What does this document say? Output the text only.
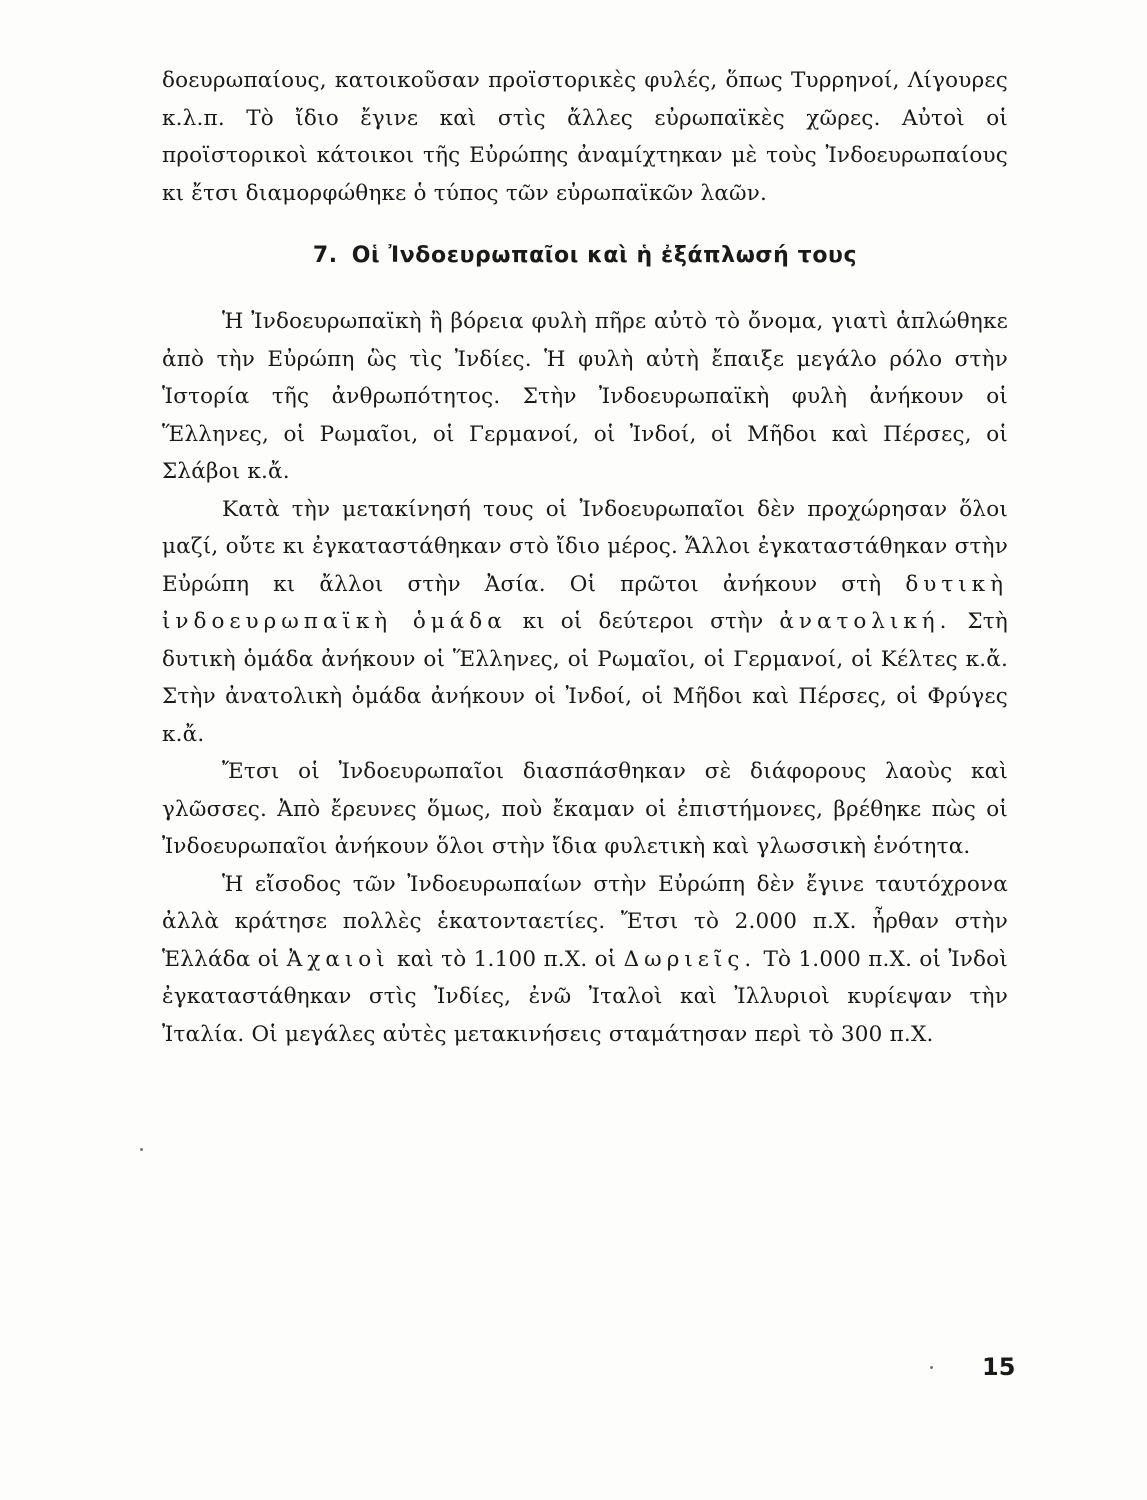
δοευρωπαίους, κατοικοῦσαν προϊστορικὲς φυλές, ὅπως Τυρρηνοί, Λίγουρες κ.λ.π. Τὸ ἴδιο ἔγινε καὶ στὶς ἄλλες εὐρωπαϊκὲς χῶρες. Αὐτοὶ οἱ προϊστορικοὶ κάτοικοι τῆς Εὐρώπης ἀναμίχτηκαν μὲ τοὺς Ἰνδοευρωπαίους κι ἔτσι διαμορφώθηκε ὁ τύπος τῶν εὐρωπαϊκῶν λαῶν.

7. Οἱ Ἰνδοευρωπαῖοι καὶ ἡ ἐξάπλωσή τους

Ἡ Ἰνδοευρωπαϊκὴ ἢ βόρεια φυλὴ πῆρε αὐτὸ τὸ ὄνομα, γιατὶ ἁπλώθηκε ἀπὸ τὴν Εὐρώπη ὣς τὶς Ἰνδίες. Ἡ φυλὴ αὐτὴ ἔπαιξε μεγάλο ρόλο στὴν Ἱστορία τῆς ἀνθρωπότητος. Στὴν Ἰνδοευρωπαϊκὴ φυλὴ ἀνήκουν οἱ Ἕλληνες, οἱ Ρωμαῖοι, οἱ Γερμανοί, οἱ Ἰνδοί, οἱ Μῆδοι καὶ Πέρσες, οἱ Σλάβοι κ.ἄ.

Κατὰ τὴν μετακίνησή τους οἱ Ἰνδοευρωπαῖοι δὲν προχώρησαν ὅλοι μαζί, οὔτε κι ἐγκαταστάθηκαν στὸ ἴδιο μέρος. Ἄλλοι ἐγκαταστάθηκαν στὴν Εὐρώπη κι ἄλλοι στὴν Ἀσία. Οἱ πρῶτοι ἀνήκουν στὴ δυτικὴ ἰνδοευρωπαϊκὴ ὁμάδα κι οἱ δεύτεροι στὴν ἀνατολική. Στὴ δυτικὴ ὁμάδα ἀνήκουν οἱ Ἕλληνες, οἱ Ρωμαῖοι, οἱ Γερμανοί, οἱ Κέλτες κ.ἄ. Στὴν ἀνατολικὴ ὁμάδα ἀνήκουν οἱ Ἰνδοί, οἱ Μῆδοι καὶ Πέρσες, οἱ Φρύγες κ.ἄ.

Ἔτσι οἱ Ἰνδοευρωπαῖοι διασπάσθηκαν σὲ διάφορους λαοὺς καὶ γλῶσσες. Ἀπὸ ἔρευνες ὅμως, ποὺ ἔκαμαν οἱ ἐπιστήμονες, βρέθηκε πὼς οἱ Ἰνδοευρωπαῖοι ἀνήκουν ὅλοι στὴν ἴδια φυλετικὴ καὶ γλωσσικὴ ἑνότητα.

Ἡ εἴσοδος τῶν Ἰνδοευρωπαίων στὴν Εὐρώπη δὲν ἔγινε ταυτόχρονα ἀλλὰ κράτησε πολλὲς ἑκατονταετίες. Ἔτσι τὸ 2.000 π.Χ. ἦρθαν στὴν Ἑλλάδα οἱ Ἀχαιοὶ καὶ τὸ 1.100 π.Χ. οἱ Δωριεῖς. Τὸ 1.000 π.Χ. οἱ Ἰνδοὶ ἐγκαταστάθηκαν στὶς Ἰνδίες, ἐνῶ Ἰταλοὶ καὶ Ἰλλυριοὶ κυρίεψαν τὴν Ἰταλία. Οἱ μεγάλες αὐτὲς μετακινήσεις σταμάτησαν περὶ τὸ 300 π.Χ.

15
